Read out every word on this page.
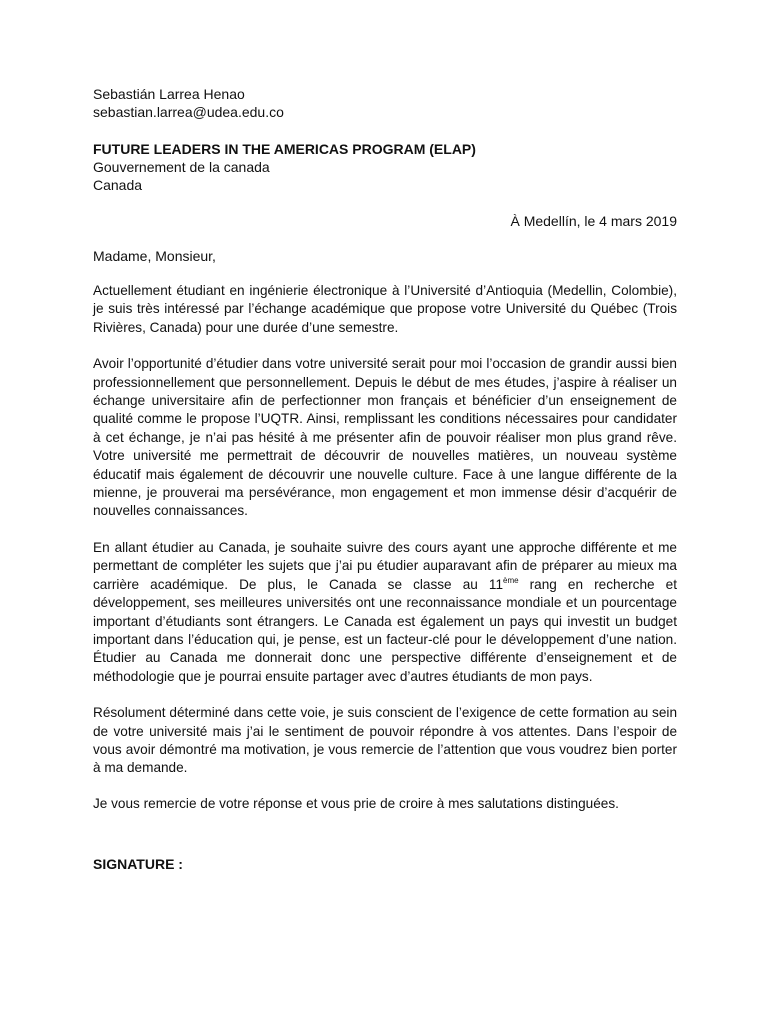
Sebastián Larrea Henao
sebastian.larrea@udea.edu.co
FUTURE LEADERS IN THE AMERICAS PROGRAM (ELAP)
Gouvernement de la canada
Canada
À Medellín, le 4 mars 2019
Madame, Monsieur,

Actuellement étudiant en ingénierie électronique à l’Université d’Antioquia (Medellin, Colombie), je suis très intéressé par l’échange académique que propose votre Université du Québec (Trois Rivières, Canada) pour une durée d’une semestre.

Avoir l’opportunité d’étudier dans votre université serait pour moi l’occasion de grandir aussi bien professionnellement que personnellement. Depuis le début de mes études, j’aspire à réaliser un échange universitaire afin de perfectionner mon français et bénéficier d’un enseignement de qualité comme le propose l’UQTR. Ainsi, remplissant les conditions nécessaires pour candidater à cet échange, je n’ai pas hésité à me présenter afin de pouvoir réaliser mon plus grand rêve. Votre université me permettrait de découvrir de nouvelles matières, un nouveau système éducatif mais également de découvrir une nouvelle culture. Face à une langue différente de la mienne, je prouverai ma persévérance, mon engagement et mon immense désir d’acquérir de nouvelles connaissances.

En allant étudier au Canada, je souhaite suivre des cours ayant une approche différente et me permettant de compléter les sujets que j’ai pu étudier auparavant afin de préparer au mieux ma carrière académique. De plus, le Canada se classe au 11ème rang en recherche et développement, ses meilleures universités ont une reconnaissance mondiale et un pourcentage important d’étudiants sont étrangers. Le Canada est également un pays qui investit un budget important dans l’éducation qui, je pense, est un facteur-clé pour le développement d’une nation. Étudier au Canada me donnerait donc une perspective différente d’enseignement et de méthodologie que je pourrai ensuite partager avec d’autres étudiants de mon pays.

Résolument déterminé dans cette voie, je suis conscient de l’exigence de cette formation au sein de votre université mais j’ai le sentiment de pouvoir répondre à vos attentes. Dans l’espoir de vous avoir démontré ma motivation, je vous remercie de l’attention que vous voudrez bien porter à ma demande.

Je vous remercie de votre réponse et vous prie de croire à mes salutations distinguées.

SIGNATURE :
